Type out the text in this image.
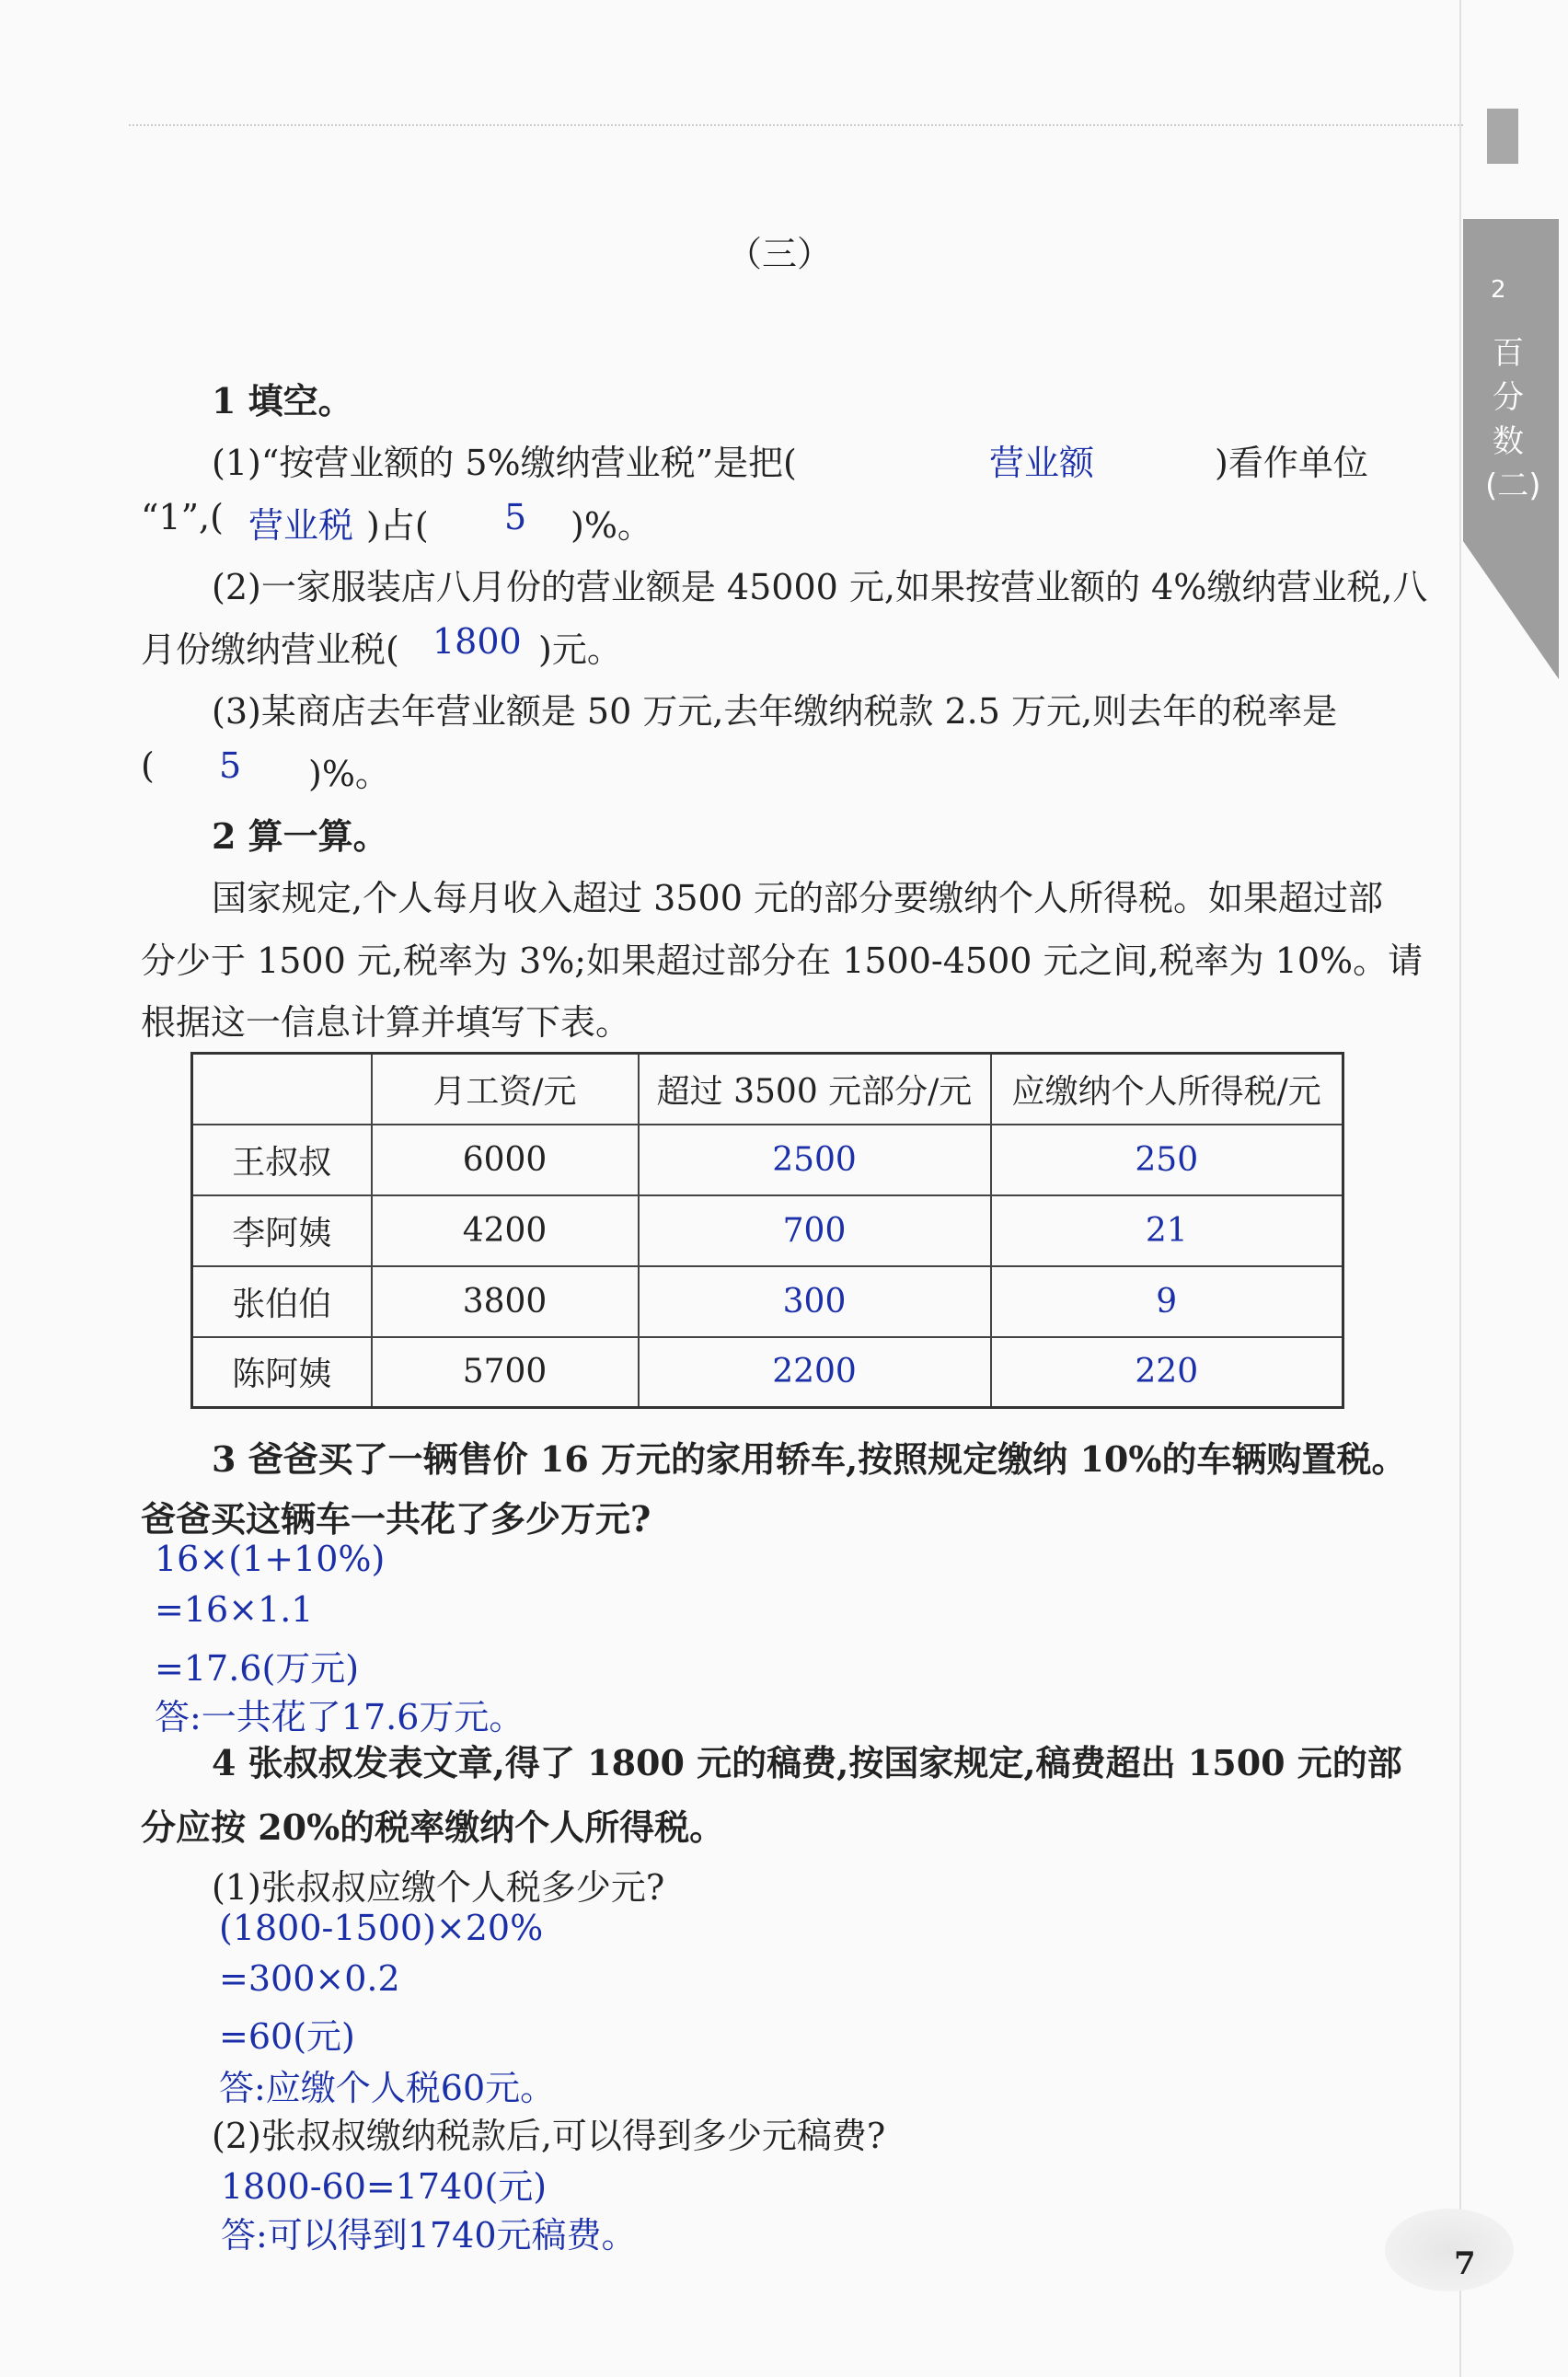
2
百分数(二)
（三）
1 填空。
(1)“按营业额的 5%缴纳营业税”是把(	营业额	)看作单位
“1”,( 营业税 )占( 5 )%。
(2)一家服装店八月份的营业额是 45000 元,如果按营业额的 4%缴纳营业税,八
月份缴纳营业税( 1800 )元。
(3)某商店去年营业额是 50 万元,去年缴纳税款 2.5 万元,则去年的税率是
( 5 )%。
2 算一算。
国家规定,个人每月收入超过 3500 元的部分要缴纳个人所得税。如果超过部
分少于 1500 元,税率为 3%;如果超过部分在 1500-4500 元之间,税率为 10%。请
根据这一信息计算并填写下表。
	月工资/元	超过 3500 元部分/元	应缴纳个人所得税/元
王叔叔	6000	2500	250
李阿姨	4200	700	21
张伯伯	3800	300	9
陈阿姨	5700	2200	220
3 爸爸买了一辆售价 16 万元的家用轿车,按照规定缴纳 10%的车辆购置税。
爸爸买这辆车一共花了多少万元?
16×(1+10%)
=16×1.1
=17.6(万元)
答:一共花了17.6万元。
4 张叔叔发表文章,得了 1800 元的稿费,按国家规定,稿费超出 1500 元的部
分应按 20%的税率缴纳个人所得税。
(1)张叔叔应缴个人税多少元?
(1800-1500)×20%
=300×0.2
=60(元)
答:应缴个人税60元。
(2)张叔叔缴纳税款后,可以得到多少元稿费?
1800-60=1740(元)
答:可以得到1740元稿费。
7
